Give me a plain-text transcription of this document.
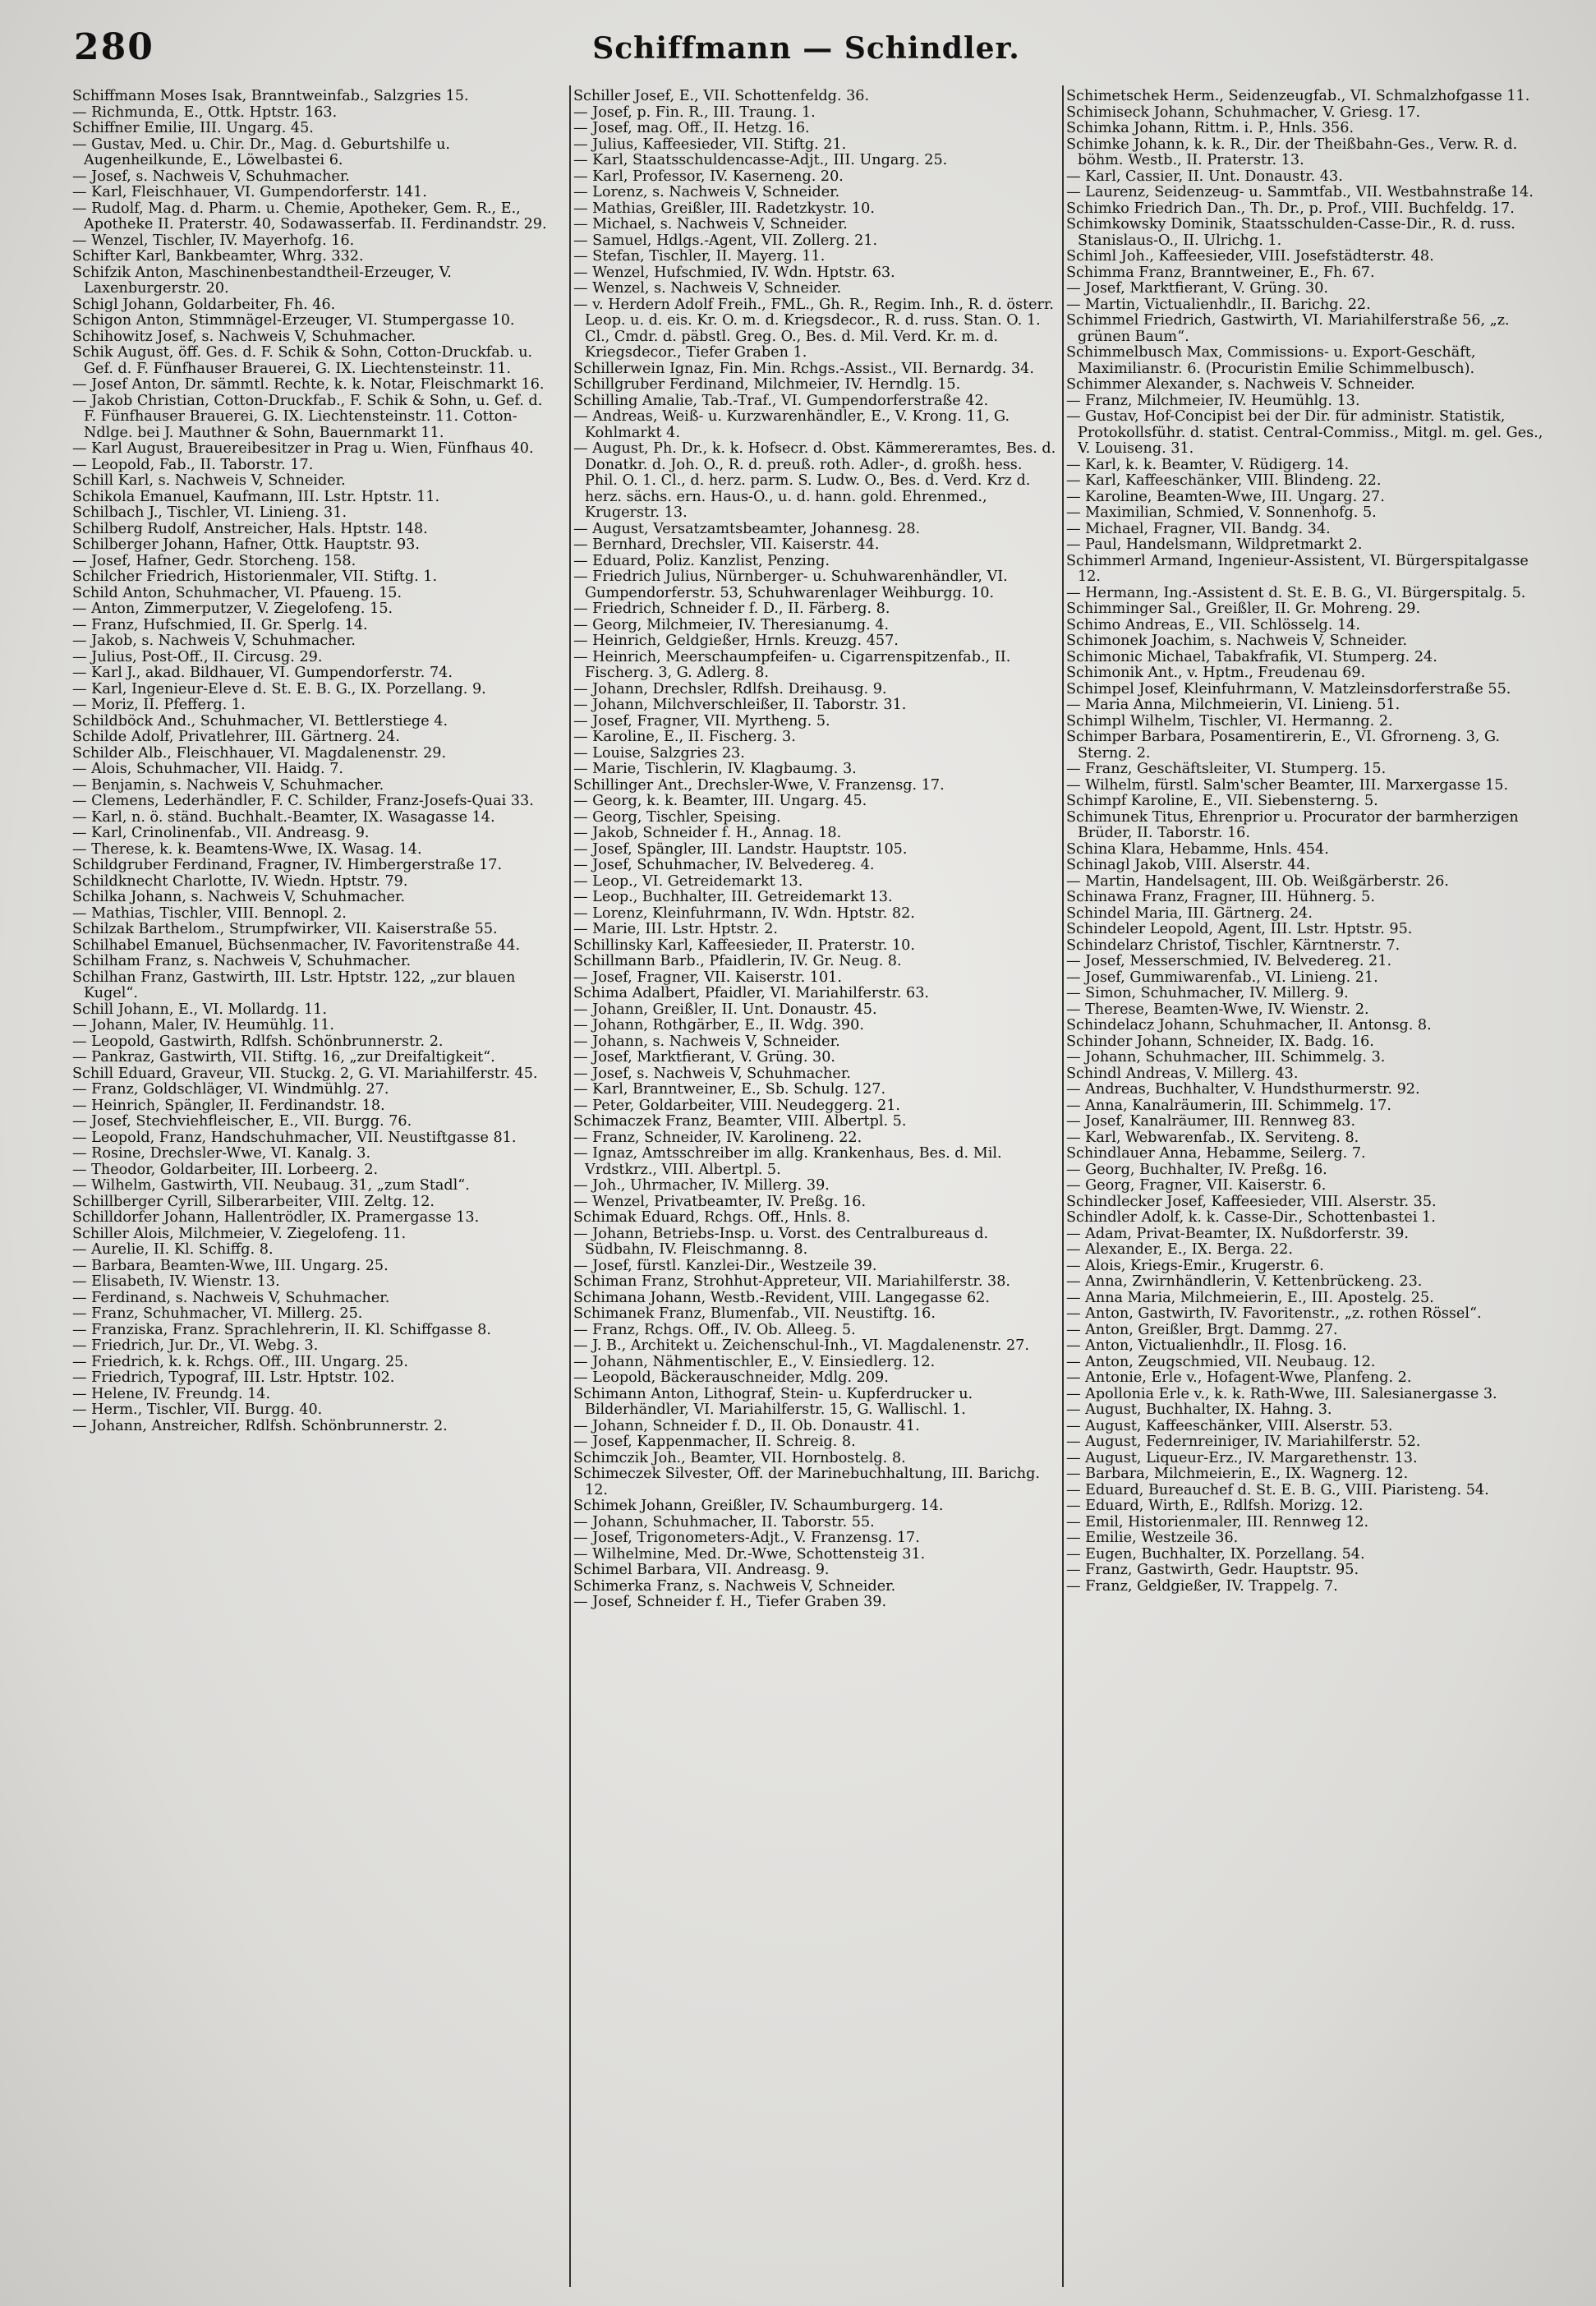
280	Schiffmann — Schindler.
Schiffmann Moses Isak, Branntweinfab., Salzgries 15.
— Richmunda, E., Ottk. Hptstr. 163.
Schiffner Emilie, III. Ungarg. 45.
— Gustav, Med. u. Chir. Dr., Mag. d. Geburtshilfe u. Augenheilkunde, E., Löwelbastei 6.
— Josef, s. Nachweis V, Schuhmacher.
— Karl, Fleischhauer, VI. Gumpendorferstr. 141.
— Rudolf, Mag. d. Pharm. u. Chemie, Apotheker, Gem. R., E., Apotheke II. Praterstr. 40, Sodawasserfab. II. Ferdinandstr. 29.
— Wenzel, Tischler, IV. Mayerhofg. 16.
Schifter Karl, Bankbeamter, Whrg. 332.
Schifzik Anton, Maschinenbestandtheil-Erzeuger, V. Laxenburgerstr. 20.
Schigl Johann, Goldarbeiter, Fh. 46.
Schigon Anton, Stimmnägel-Erzeuger, VI. Stumpergasse 10.
Schihowitz Josef, s. Nachweis V, Schuhmacher.
Schik August, öff. Ges. d. F. Schik & Sohn, Cotton-Druckfab. u. Gef. d. F. Fünfhauser Brauerei, G. IX. Liechtensteinstr. 11.
— Josef Anton, Dr. sämmtl. Rechte, k. k. Notar, Fleischmarkt 16.
— Jakob Christian, Cotton-Druckfab., F. Schik & Sohn, u. Gef. d. F. Fünfhauser Brauerei, G. IX. Liechtensteinstr. 11. Cotton-Ndlge. bei J. Mauthner & Sohn, Bauernmarkt 11.
— Karl August, Brauereibesitzer in Prag u. Wien, Fünfhaus 40.
— Leopold, Fab., II. Taborstr. 17.
Schill Karl, s. Nachweis V, Schneider.
Schikola Emanuel, Kaufmann, III. Lstr. Hptstr. 11.
Schilbach J., Tischler, VI. Linieng. 31.
Schilberg Rudolf, Anstreicher, Hals. Hptstr. 148.
Schilberger Johann, Hafner, Ottk. Hauptstr. 93.
— Josef, Hafner, Gedr. Storcheng. 158.
Schilcher Friedrich, Historienmaler, VII. Stiftg. 1.
Schild Anton, Schuhmacher, VI. Pfaueng. 15.
— Anton, Zimmerputzer, V. Ziegelofeng. 15.
— Franz, Hufschmied, II. Gr. Sperlg. 14.
— Jakob, s. Nachweis V, Schuhmacher.
— Julius, Post-Off., II. Circusg. 29.
— Karl J., akad. Bildhauer, VI. Gumpendorferstr. 74.
— Karl, Ingenieur-Eleve d. St. E. B. G., IX. Porzellang. 9.
— Moriz, II. Pfefferg. 1.
Schildböck And., Schuhmacher, VI. Bettlerstiege 4.
Schilde Adolf, Privatlehrer, III. Gärtnerg. 24.
Schilder Alb., Fleischhauer, VI. Magdalenenstr. 29.
— Alois, Schuhmacher, VII. Haidg. 7.
— Benjamin, s. Nachweis V, Schuhmacher.
— Clemens, Lederhändler, F. C. Schilder, Franz-Josefs-Quai 33.
— Karl, n. ö. ständ. Buchhalt.-Beamter, IX. Wasagasse 14.
— Karl, Crinolinenfab., VII. Andreasg. 9.
— Therese, k. k. Beamtens-Wwe, IX. Wasag. 14.
Schildgruber Ferdinand, Fragner, IV. Himbergerstraße 17.
Schildknecht Charlotte, IV. Wiedn. Hptstr. 79.
Schilka Johann, s. Nachweis V, Schuhmacher.
— Mathias, Tischler, VIII. Bennopl. 2.
Schilzak Barthelom., Strumpfwirker, VII. Kaiserstraße 55.
Schilhabel Emanuel, Büchsenmacher, IV. Favoritenstraße 44.
Schilham Franz, s. Nachweis V, Schuhmacher.
Schilhan Franz, Gastwirth, III. Lstr. Hptstr. 122, „zur blauen Kugel“.
Schill Johann, E., VI. Mollardg. 11.
— Johann, Maler, IV. Heumühlg. 11.
— Leopold, Gastwirth, Rdlfsh. Schönbrunnerstr. 2.
— Pankraz, Gastwirth, VII. Stiftg. 16, „zur Dreifaltigkeit“.
Schill Eduard, Graveur, VII. Stuckg. 2, G. VI. Mariahilferstr. 45.
— Franz, Goldschläger, VI. Windmühlg. 27.
— Heinrich, Spängler, II. Ferdinandstr. 18.
— Josef, Stechviehfleischer, E., VII. Burgg. 76.
— Leopold, Franz, Handschuhmacher, VII. Neustiftgasse 81.
— Rosine, Drechsler-Wwe, VI. Kanalg. 3.
— Theodor, Goldarbeiter, III. Lorbeerg. 2.
— Wilhelm, Gastwirth, VII. Neubaug. 31, „zum Stadl“.
Schillberger Cyrill, Silberarbeiter, VIII. Zeltg. 12.
Schilldorfer Johann, Hallentrödler, IX. Pramergasse 13.
Schiller Alois, Milchmeier, V. Ziegelofeng. 11.
— Aurelie, II. Kl. Schiffg. 8.
— Barbara, Beamten-Wwe, III. Ungarg. 25.
— Elisabeth, IV. Wienstr. 13.
— Ferdinand, s. Nachweis V, Schuhmacher.
— Franz, Schuhmacher, VI. Millerg. 25.
— Franziska, Franz. Sprachlehrerin, II. Kl. Schiffgasse 8.
— Friedrich, Jur. Dr., VI. Webg. 3.
— Friedrich, k. k. Rchgs. Off., III. Ungarg. 25.
— Friedrich, Typograf, III. Lstr. Hptstr. 102.
— Helene, IV. Freundg. 14.
— Herm., Tischler, VII. Burgg. 40.
— Johann, Anstreicher, Rdlfsh. Schönbrunnerstr. 2.
Schiller Josef, E., VII. Schottenfeldg. 36.
— Josef, p. Fin. R., III. Traung. 1.
— Josef, mag. Off., II. Hetzg. 16.
— Julius, Kaffeesieder, VII. Stiftg. 21.
— Karl, Staatsschuldencasse-Adjt., III. Ungarg. 25.
— Karl, Professor, IV. Kaserneng. 20.
— Lorenz, s. Nachweis V, Schneider.
— Mathias, Greißler, III. Radetzkystr. 10.
— Michael, s. Nachweis V, Schneider.
— Samuel, Hdlgs.-Agent, VII. Zollerg. 21.
— Stefan, Tischler, II. Mayerg. 11.
— Wenzel, Hufschmied, IV. Wdn. Hptstr. 63.
— Wenzel, s. Nachweis V, Schneider.
— v. Herdern Adolf Freih., FML., Gh. R., Regim. Inh., R. d. österr. Leop. u. d. eis. Kr. O. m. d. Kriegsdecor., R. d. russ. Stan. O. 1. Cl., Cmdr. d. päbstl. Greg. O., Bes. d. Mil. Verd. Kr. m. d. Kriegsdecor., Tiefer Graben 1.
Schillerwein Ignaz, Fin. Min. Rchgs.-Assist., VII. Bernardg. 34.
Schillgruber Ferdinand, Milchmeier, IV. Herndlg. 15.
Schilling Amalie, Tab.-Traf., VI. Gumpendorferstraße 42.
— Andreas, Weiß- u. Kurzwarenhändler, E., V. Krong. 11, G. Kohlmarkt 4.
— August, Ph. Dr., k. k. Hofsecr. d. Obst. Kämmereramtes, Bes. d. Donatkr. d. Joh. O., R. d. preuß. roth. Adler-, d. großh. hess. Phil. O. 1. Cl., d. herz. parm. S. Ludw. O., Bes. d. Verd. Krz d. herz. sächs. ern. Haus-O., u. d. hann. gold. Ehrenmed., Krugerstr. 13.
— August, Versatzamtsbeamter, Johannesg. 28.
— Bernhard, Drechsler, VII. Kaiserstr. 44.
— Eduard, Poliz. Kanzlist, Penzing.
— Friedrich Julius, Nürnberger- u. Schuhwarenhändler, VI. Gumpendorferstr. 53, Schuhwarenlager Weihburgg. 10.
— Friedrich, Schneider f. D., II. Färberg. 8.
— Georg, Milchmeier, IV. Theresianumg. 4.
— Heinrich, Geldgießer, Hrnls. Kreuzg. 457.
— Heinrich, Meerschaumpfeifen- u. Cigarrenspitzenfab., II. Fischerg. 3, G. Adlerg. 8.
— Johann, Drechsler, Rdlfsh. Dreihausg. 9.
— Johann, Milchverschleißer, II. Taborstr. 31.
— Josef, Fragner, VII. Myrtheng. 5.
— Karoline, E., II. Fischerg. 3.
— Louise, Salzgries 23.
— Marie, Tischlerin, IV. Klagbaumg. 3.
Schillinger Ant., Drechsler-Wwe, V. Franzensg. 17.
— Georg, k. k. Beamter, III. Ungarg. 45.
— Georg, Tischler, Speising.
— Jakob, Schneider f. H., Annag. 18.
— Josef, Spängler, III. Landstr. Hauptstr. 105.
— Josef, Schuhmacher, IV. Belvedereg. 4.
— Leop., VI. Getreidemarkt 13.
— Leop., Buchhalter, III. Getreidemarkt 13.
— Lorenz, Kleinfuhrmann, IV. Wdn. Hptstr. 82.
— Marie, III. Lstr. Hptstr. 2.
Schillinsky Karl, Kaffeesieder, II. Praterstr. 10.
Schillmann Barb., Pfaidlerin, IV. Gr. Neug. 8.
— Josef, Fragner, VII. Kaiserstr. 101.
Schima Adalbert, Pfaidler, VI. Mariahilferstr. 63.
— Johann, Greißler, II. Unt. Donaustr. 45.
— Johann, Rothgärber, E., II. Wdg. 390.
— Johann, s. Nachweis V, Schneider.
— Josef, Marktfierant, V. Grüng. 30.
— Josef, s. Nachweis V, Schuhmacher.
— Karl, Branntweiner, E., Sb. Schulg. 127.
— Peter, Goldarbeiter, VIII. Neudeggerg. 21.
Schimaczek Franz, Beamter, VIII. Albertpl. 5.
— Franz, Schneider, IV. Karolineng. 22.
— Ignaz, Amtsschreiber im allg. Krankenhaus, Bes. d. Mil. Vrdstkrz., VIII. Albertpl. 5.
— Joh., Uhrmacher, IV. Millerg. 39.
— Wenzel, Privatbeamter, IV. Preßg. 16.
Schimak Eduard, Rchgs. Off., Hnls. 8.
— Johann, Betriebs-Insp. u. Vorst. des Centralbureaus d. Südbahn, IV. Fleischmanng. 8.
— Josef, fürstl. Kanzlei-Dir., Westzeile 39.
Schiman Franz, Strohhut-Appreteur, VII. Mariahilferstr. 38.
Schimana Johann, Westb.-Revident, VIII. Langegasse 62.
Schimanek Franz, Blumenfab., VII. Neustiftg. 16.
— Franz, Rchgs. Off., IV. Ob. Alleeg. 5.
— J. B., Architekt u. Zeichenschul-Inh., VI. Magdalenenstr. 27.
— Johann, Nähmentischler, E., V. Einsiedlerg. 12.
— Leopold, Bäckerauschneider, Mdlg. 209.
Schimann Anton, Lithograf, Stein- u. Kupferdrucker u. Bilderhändler, VI. Mariahilferstr. 15, G. Wallischl. 1.
— Johann, Schneider f. D., II. Ob. Donaustr. 41.
— Josef, Kappenmacher, II. Schreig. 8.
Schimczik Joh., Beamter, VII. Hornbostelg. 8.
Schimeczek Silvester, Off. der Marinebuchhaltung, III. Barichg. 12.
Schimek Johann, Greißler, IV. Schaumburgerg. 14.
— Johann, Schuhmacher, II. Taborstr. 55.
— Josef, Trigonometers-Adjt., V. Franzensg. 17.
— Wilhelmine, Med. Dr.-Wwe, Schottensteig 31.
Schimel Barbara, VII. Andreasg. 9.
Schimerka Franz, s. Nachweis V, Schneider.
— Josef, Schneider f. H., Tiefer Graben 39.
Schimetschek Herm., Seidenzeugfab., VI. Schmalzhofgasse 11.
Schimiseck Johann, Schuhmacher, V. Griesg. 17.
Schimka Johann, Rittm. i. P., Hnls. 356.
Schimke Johann, k. k. R., Dir. der Theißbahn-Ges., Verw. R. d. böhm. Westb., II. Praterstr. 13.
— Karl, Cassier, II. Unt. Donaustr. 43.
— Laurenz, Seidenzeug- u. Sammtfab., VII. Westbahnstraße 14.
Schimko Friedrich Dan., Th. Dr., p. Prof., VIII. Buchfeldg. 17.
Schimkowsky Dominik, Staatsschulden-Casse-Dir., R. d. russ. Stanislaus-O., II. Ulrichg. 1.
Schiml Joh., Kaffeesieder, VIII. Josefstädterstr. 48.
Schimma Franz, Branntweiner, E., Fh. 67.
— Josef, Marktfierant, V. Grüng. 30.
— Martin, Victualienhdlr., II. Barichg. 22.
Schimmel Friedrich, Gastwirth, VI. Mariahilferstraße 56, „z. grünen Baum“.
Schimmelbusch Max, Commissions- u. Export-Geschäft, Maximilianstr. 6. (Procuristin Emilie Schimmelbusch).
Schimmer Alexander, s. Nachweis V. Schneider.
— Franz, Milchmeier, IV. Heumühlg. 13.
— Gustav, Hof-Concipist bei der Dir. für administr. Statistik, Protokollsführ. d. statist. Central-Commiss., Mitgl. m. gel. Ges., V. Louiseng. 31.
— Karl, k. k. Beamter, V. Rüdigerg. 14.
— Karl, Kaffeeschänker, VIII. Blindeng. 22.
— Karoline, Beamten-Wwe, III. Ungarg. 27.
— Maximilian, Schmied, V. Sonnenhofg. 5.
— Michael, Fragner, VII. Bandg. 34.
— Paul, Handelsmann, Wildpretmarkt 2.
Schimmerl Armand, Ingenieur-Assistent, VI. Bürgerspitalgasse 12.
— Hermann, Ing.-Assistent d. St. E. B. G., VI. Bürgerspitalg. 5.
Schimminger Sal., Greißler, II. Gr. Mohreng. 29.
Schimo Andreas, E., VII. Schlösselg. 14.
Schimonek Joachim, s. Nachweis V, Schneider.
Schimonic Michael, Tabakfrafik, VI. Stumperg. 24.
Schimonik Ant., v. Hptm., Freudenau 69.
Schimpel Josef, Kleinfuhrmann, V. Matzleinsdorferstraße 55.
— Maria Anna, Milchmeierin, VI. Linieng. 51.
Schimpl Wilhelm, Tischler, VI. Hermanng. 2.
Schimper Barbara, Posamentirerin, E., VI. Gfrorneng. 3, G. Sterng. 2.
— Franz, Geschäftsleiter, VI. Stumperg. 15.
— Wilhelm, fürstl. Salm'scher Beamter, III. Marxergasse 15.
Schimpf Karoline, E., VII. Siebensterng. 5.
Schimunek Titus, Ehrenprior u. Procurator der barmherzigen Brüder, II. Taborstr. 16.
Schina Klara, Hebamme, Hnls. 454.
Schinagl Jakob, VIII. Alserstr. 44.
— Martin, Handelsagent, III. Ob. Weißgärberstr. 26.
Schinawa Franz, Fragner, III. Hühnerg. 5.
Schindel Maria, III. Gärtnerg. 24.
Schindeler Leopold, Agent, III. Lstr. Hptstr. 95.
Schindelarz Christof, Tischler, Kärntnerstr. 7.
— Josef, Messerschmied, IV. Belvedereg. 21.
— Josef, Gummiwarenfab., VI. Linieng. 21.
— Simon, Schuhmacher, IV. Millerg. 9.
— Therese, Beamten-Wwe, IV. Wienstr. 2.
Schindelacz Johann, Schuhmacher, II. Antonsg. 8.
Schinder Johann, Schneider, IX. Badg. 16.
— Johann, Schuhmacher, III. Schimmelg. 3.
Schindl Andreas, V. Millerg. 43.
— Andreas, Buchhalter, V. Hundsthurmerstr. 92.
— Anna, Kanalräumerin, III. Schimmelg. 17.
— Josef, Kanalräumer, III. Rennweg 83.
— Karl, Webwarenfab., IX. Serviteng. 8.
Schindlauer Anna, Hebamme, Seilerg. 7.
— Georg, Buchhalter, IV. Preßg. 16.
— Georg, Fragner, VII. Kaiserstr. 6.
Schindlecker Josef, Kaffeesieder, VIII. Alserstr. 35.
Schindler Adolf, k. k. Casse-Dir., Schottenbastei 1.
— Adam, Privat-Beamter, IX. Nußdorferstr. 39.
— Alexander, E., IX. Berga. 22.
— Alois, Kriegs-Emir., Krugerstr. 6.
— Anna, Zwirnhändlerin, V. Kettenbrückeng. 23.
— Anna Maria, Milchmeierin, E., III. Apostelg. 25.
— Anton, Gastwirth, IV. Favoritenstr., „z. rothen Rössel“.
— Anton, Greißler, Brgt. Dammg. 27.
— Anton, Victualienhdlr., II. Flosg. 16.
— Anton, Zeugschmied, VII. Neubaug. 12.
— Antonie, Erle v., Hofagent-Wwe, Planfeng. 2.
— Apollonia Erle v., k. k. Rath-Wwe, III. Salesianergasse 3.
— August, Buchhalter, IX. Hahng. 3.
— August, Kaffeeschänker, VIII. Alserstr. 53.
— August, Federnreiniger, IV. Mariahilferstr. 52.
— August, Liqueur-Erz., IV. Margarethenstr. 13.
— Barbara, Milchmeierin, E., IX. Wagnerg. 12.
— Eduard, Bureauchef d. St. E. B. G., VIII. Piaristeng. 54.
— Eduard, Wirth, E., Rdlfsh. Morizg. 12.
— Emil, Historienmaler, III. Rennweg 12.
— Emilie, Westzeile 36.
— Eugen, Buchhalter, IX. Porzellang. 54.
— Franz, Gastwirth, Gedr. Hauptstr. 95.
— Franz, Geldgießer, IV. Trappelg. 7.
